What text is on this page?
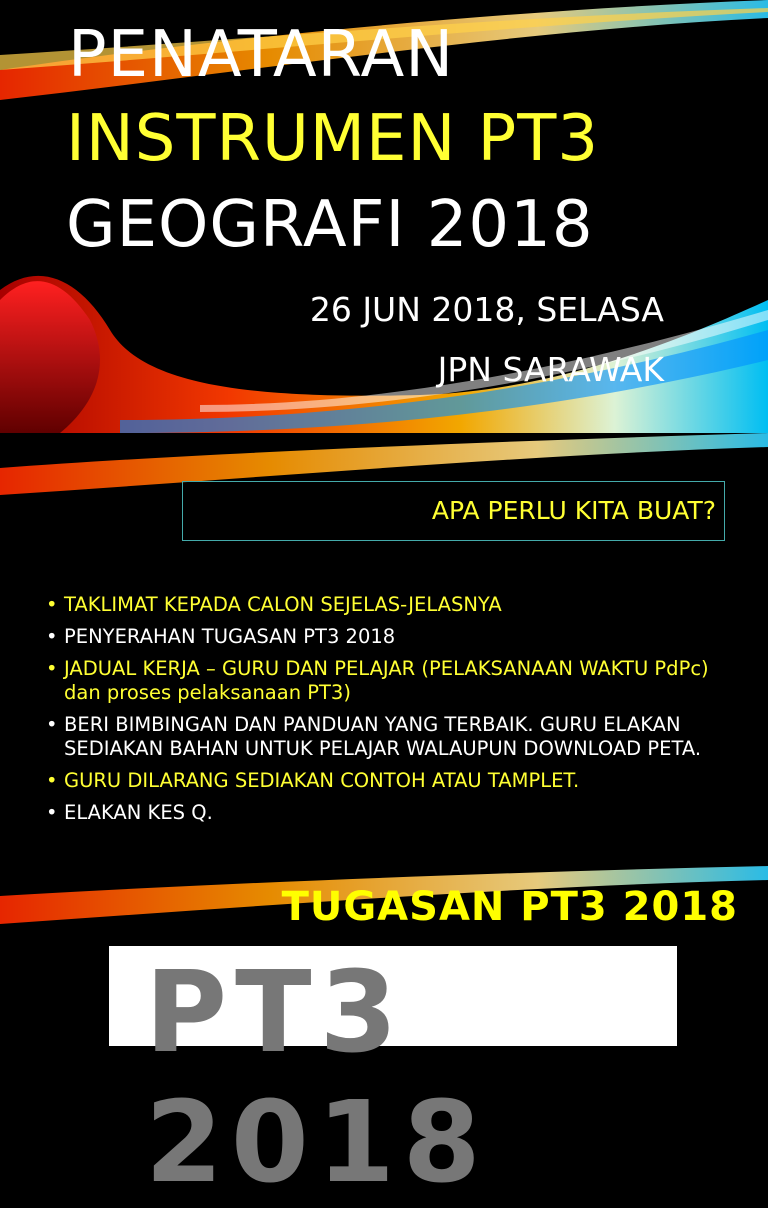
PENATARAN
INSTRUMEN PT3
GEOGRAFI 2018
26 JUN 2018, SELASA
JPN SARAWAK
APA PERLU KITA BUAT?
• TAKLIMAT KEPADA CALON SEJELAS-JELASNYA
• PENYERAHAN TUGASAN PT3 2018
• JADUAL KERJA – GURU DAN PELAJAR (PELAKSANAAN WAKTU PdPc) dan proses pelaksanaan PT3)
• BERI BIMBINGAN DAN PANDUAN YANG TERBAIK. GURU ELAKAN SEDIAKAN BAHAN UNTUK PELAJAR WALAUPUN DOWNLOAD PETA.
• GURU DILARANG SEDIAKAN CONTOH ATAU TAMPLET.
• ELAKAN KES Q.
TUGASAN PT3 2018
PT3 2018
